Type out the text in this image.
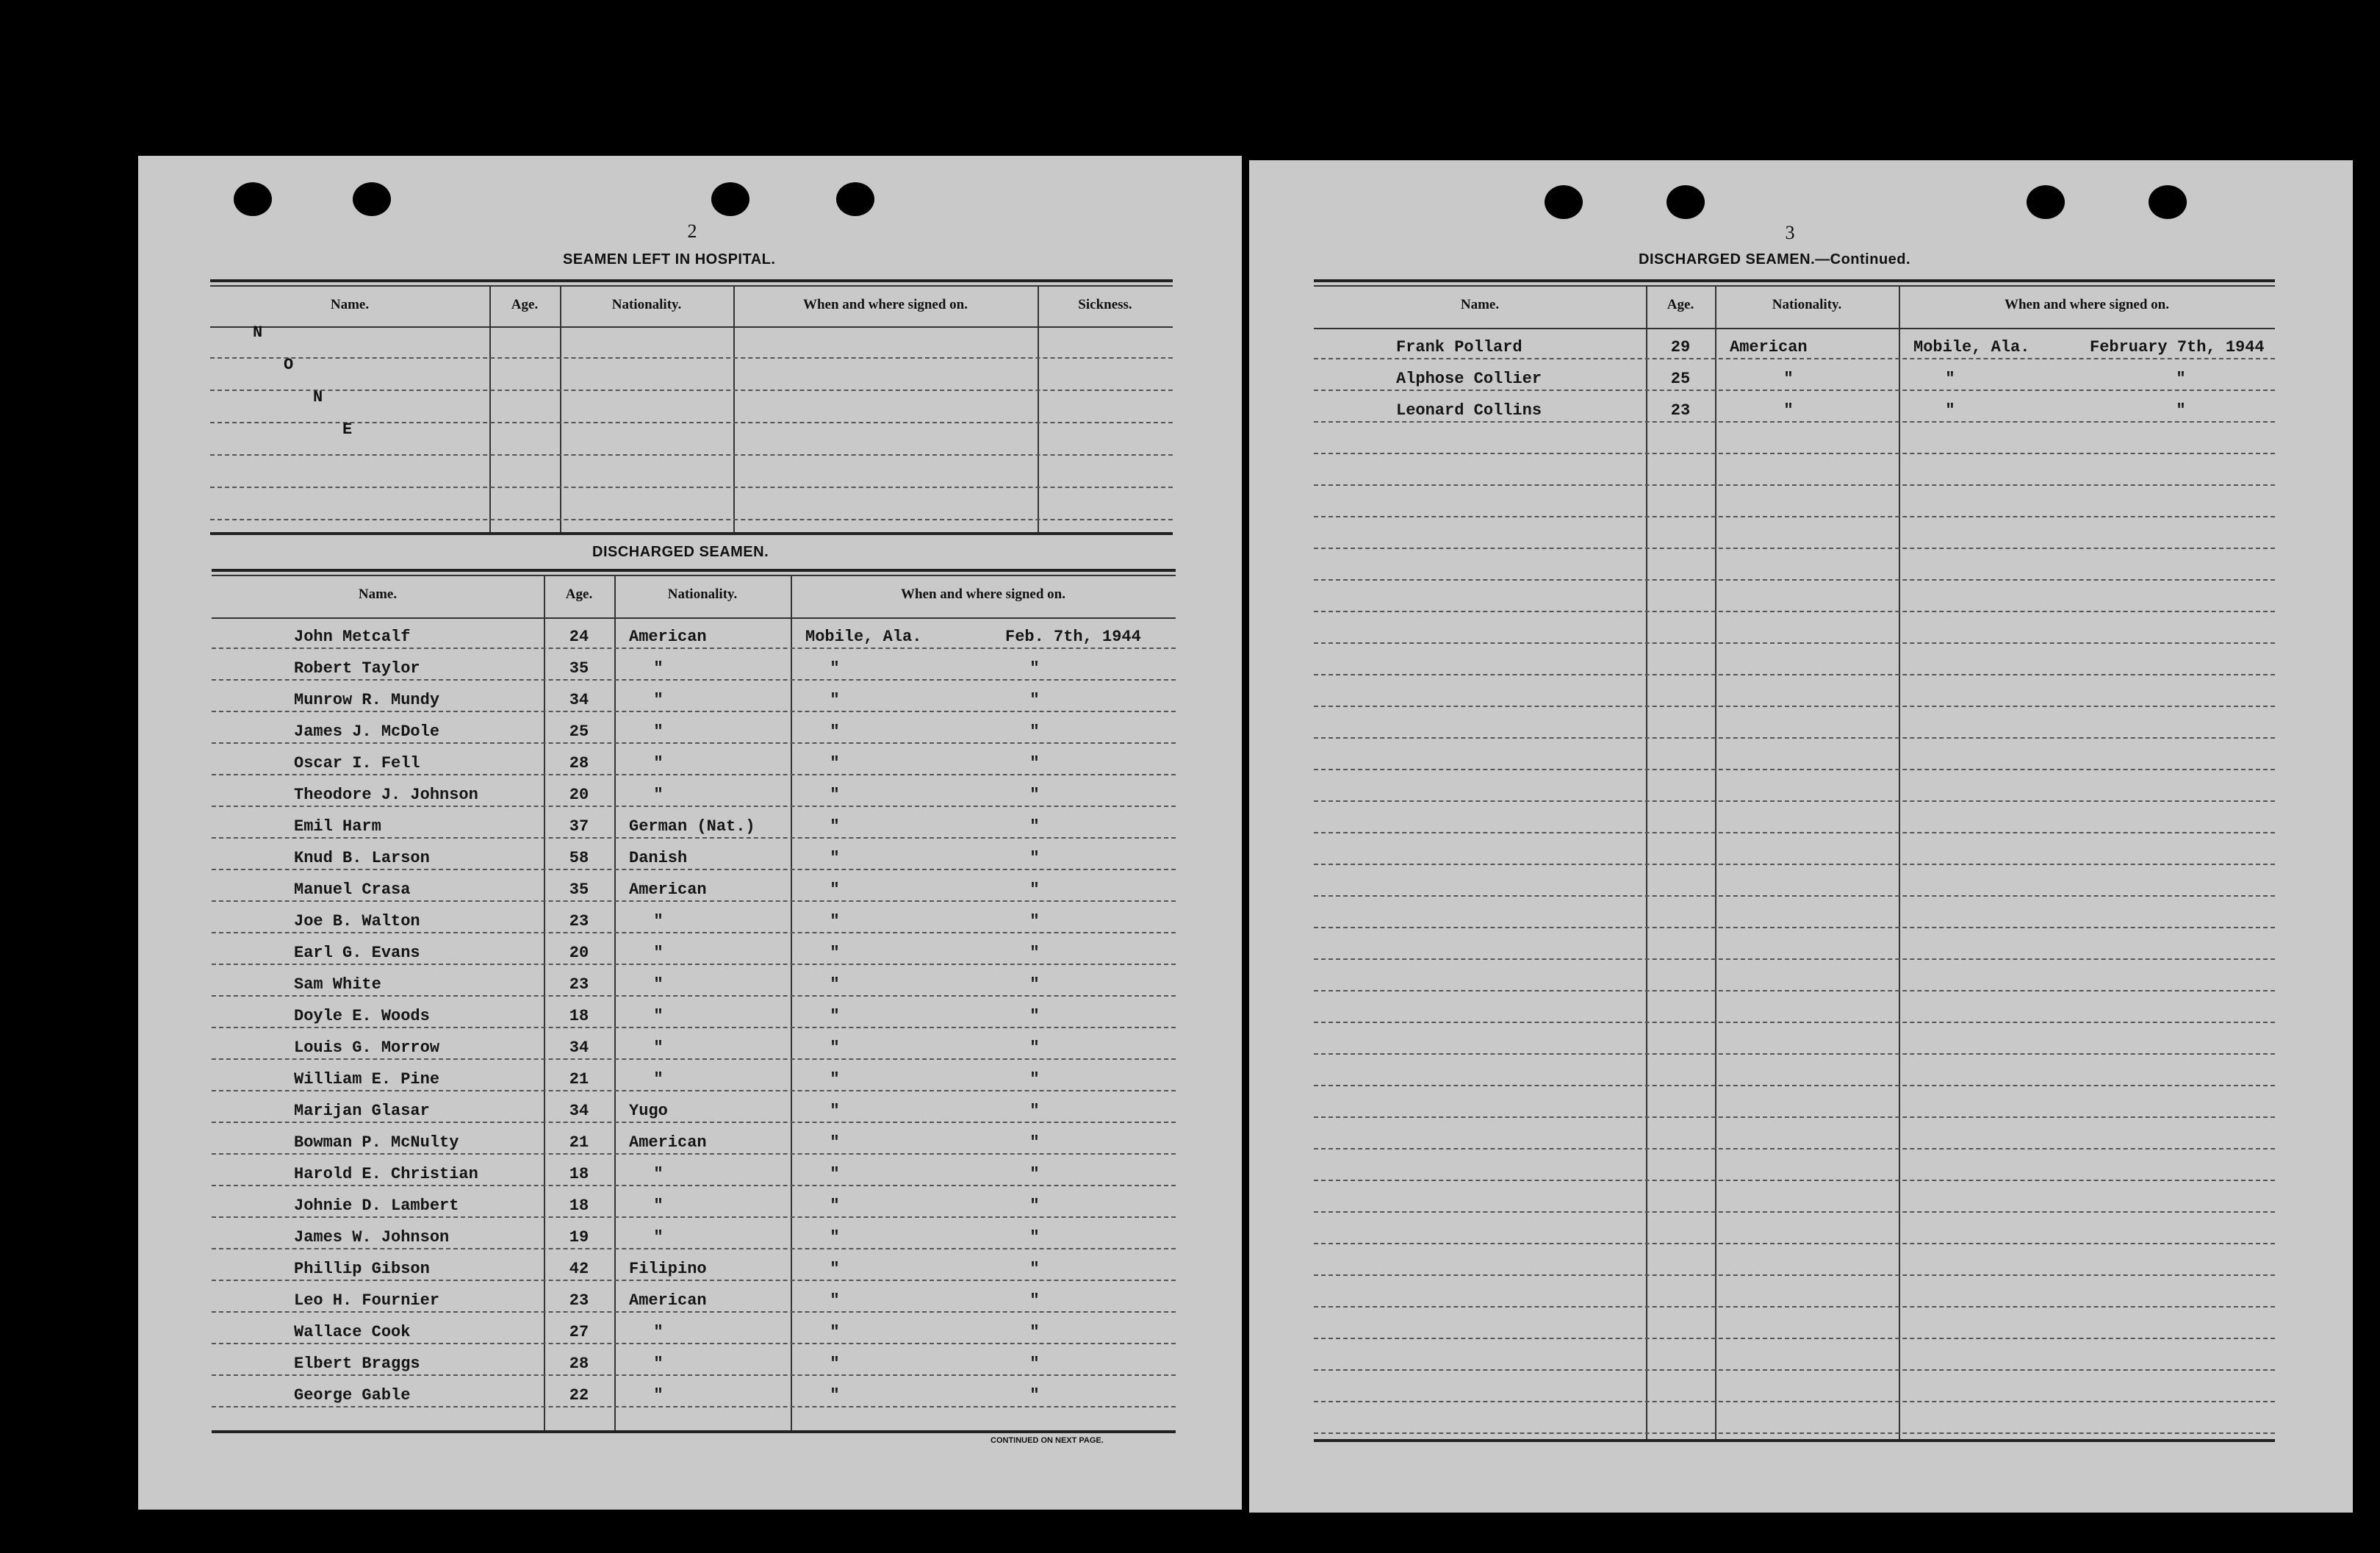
2
SEAMEN LEFT IN HOSPITAL.
Name.	Age.	Nationality.	When and where signed on.	Sickness.
N
O
N
E
DISCHARGED SEAMEN.
Name.	Age.	Nationality.	When and where signed on.
John Metcalf	24	American	Mobile, Ala.	Feb. 7th, 1944
Robert Taylor	35	"	"	"
Munrow R. Mundy	34	"	"	"
James J. McDole	25	"	"	"
Oscar I. Fell	28	"	"	"
Theodore J. Johnson	20	"	"	"
Emil Harm	37	German (Nat.)	"	"
Knud B. Larson	58	Danish	"	"
Manuel Crasa	35	American	"	"
Joe B. Walton	23	"	"	"
Earl G. Evans	20	"	"	"
Sam White	23	"	"	"
Doyle E. Woods	18	"	"	"
Louis G. Morrow	34	"	"	"
William E. Pine	21	"	"	"
Marijan Glasar	34	Yugo	"	"
Bowman P. McNulty	21	American	"	"
Harold E. Christian	18	"	"	"
Johnie D. Lambert	18	"	"	"
James W. Johnson	19	"	"	"
Phillip Gibson	42	Filipino	"	"
Leo H. Fournier	23	American	"	"
Wallace Cook	27	"	"	"
Elbert Braggs	28	"	"	"
George Gable	22	"	"	"
CONTINUED ON NEXT PAGE.
3
DISCHARGED SEAMEN.—Continued.
Name.	Age.	Nationality.	When and where signed on.
Frank Pollard	29	American	Mobile, Ala.	February 7th, 1944
Alphose Collier	25	"	"	"
Leonard Collins	23	"	"	"
